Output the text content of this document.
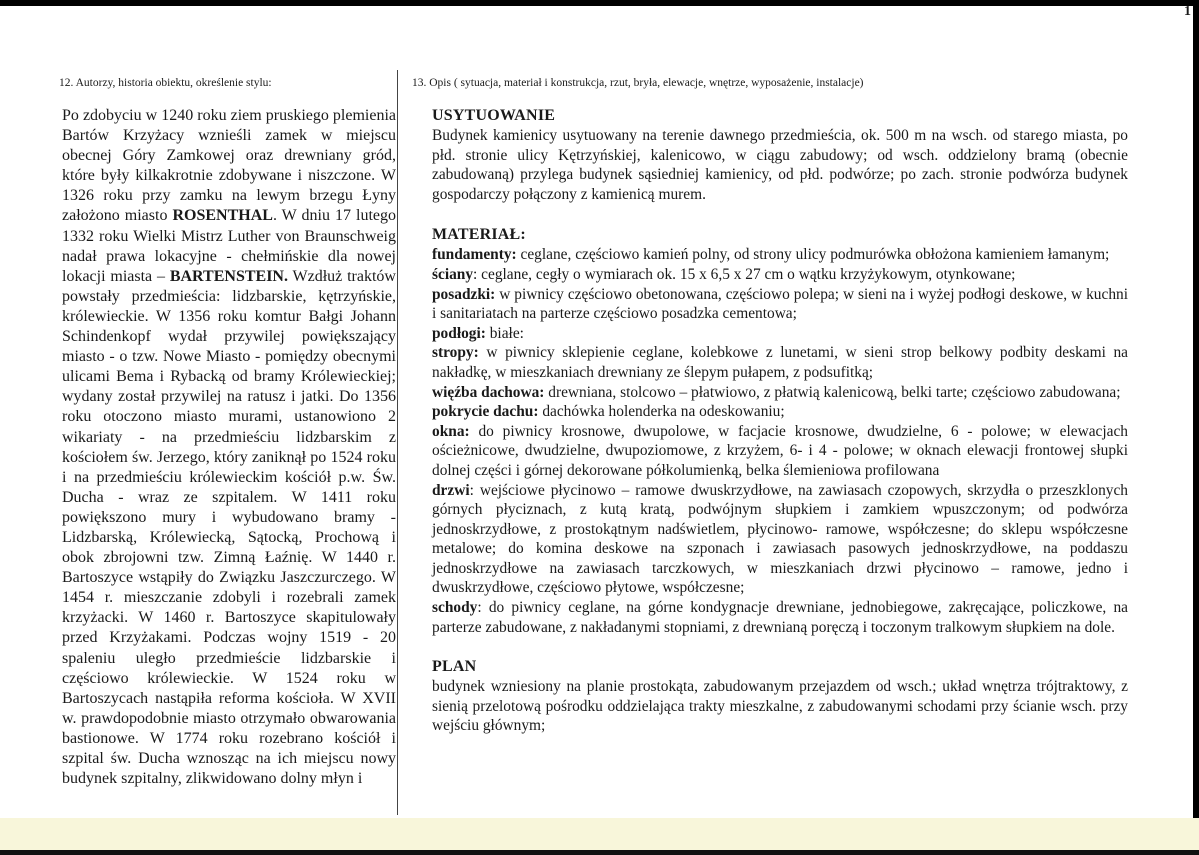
1
12. Autorzy, historia obiektu, określenie stylu:

Po zdobyciu w 1240 roku ziem pruskiego plemienia Bartów Krzyżacy wznieśli zamek w miejscu obecnej Góry Zamkowej oraz drewniany gród, które były kilkakrotnie zdobywane i niszczone. W 1326 roku przy zamku na lewym brzegu Łyny założono miasto ROSENTHAL. W dniu 17 lutego 1332 roku Wielki Mistrz Luther von Braunschweig nadał prawa lokacyjne - chełmińskie dla nowej lokacji miasta – BARTENSTEIN. Wzdłuż traktów powstały przedmieścia: lidzbarskie, kętrzyńskie, królewieckie. W 1356 roku komtur Bałgi Johann Schindenkopf wydał przywilej powiększający miasto - o tzw. Nowe Miasto - pomiędzy obecnymi ulicami Bema i Rybacką od bramy Królewieckiej; wydany został przywilej na ratusz i jatki. Do 1356 roku otoczono miasto murami, ustanowiono 2 wikariaty - na przedmieściu lidzbarskim z kościołem św. Jerzego, który zaniknął po 1524 roku i na przedmieściu królewieckim kościół p.w. Św. Ducha - wraz ze szpitalem. W 1411 roku powiększono mury i wybudowano bramy - Lidzbarską, Królewiecką, Sątocką, Prochową i obok zbrojowni tzw. Zimną Łaźnię. W 1440 r. Bartoszyce wstąpiły do Związku Jaszczurczego. W 1454 r. mieszczanie zdobyli i rozebrali zamek krzyżacki. W 1460 r. Bartoszyce skapitulowały przed Krzyżakami. Podczas wojny 1519 - 20 spaleniu uległo przedmieście lidzbarskie i częściowo królewieckie. W 1524 roku w Bartoszycach nastąpiła reforma kościoła. W XVII w. prawdopodobnie miasto otrzymało obwarowania bastionowe. W 1774 roku rozebrano kościół i szpital św. Ducha wznosząc na ich miejscu nowy budynek szpitalny, zlikwidowano dolny młyn i

13. Opis ( sytuacja, materiał i konstrukcja, rzut, bryła, elewacje, wnętrze, wyposażenie, instalacje)

USYTUOWANIE

Budynek kamienicy usytuowany na terenie dawnego przedmieścia, ok. 500 m na wsch. od starego miasta, po płd. stronie ulicy Kętrzyńskiej, kalenicowo, w ciągu zabudowy; od wsch. oddzielony bramą (obecnie zabudowaną) przylega budynek sąsiedniej kamienicy, od płd. podwórze; po zach. stronie podwórza budynek gospodarczy połączony z kamienicą murem.

MATERIAŁ:

fundamenty: ceglane, częściowo kamień polny, od strony ulicy podmurówka obłożona kamieniem łamanym;

ściany: ceglane, cegły o wymiarach ok. 15 x 6,5 x 27 cm o wątku krzyżykowym, otynkowane;

posadzki: w piwnicy częściowo obetonowana, częściowo polepa; w sieni na i wyżej podłogi deskowe, w kuchni i sanitariatach na parterze częściowo posadzka cementowa;

podłogi: białe:

stropy: w piwnicy sklepienie ceglane, kolebkowe z lunetami, w sieni strop belkowy podbity deskami na nakładkę, w mieszkaniach drewniany ze ślepym pułapem, z podsufitką;

więźba dachowa: drewniana, stolcowo – płatwiowo, z płatwią kalenicową, belki tarte; częściowo zabudowana;

pokrycie dachu: dachówka holenderka na odeskowaniu;

okna: do piwnicy krosnowe, dwupolowe, w facjacie krosnowe, dwudzielne, 6 - polowe; w elewacjach ościeżnicowe, dwudzielne, dwupoziomowe, z krzyżem, 6- i 4 - polowe; w oknach elewacji frontowej słupki dolnej części i górnej dekorowane półkolumienką, belka ślemieniowa profilowana

drzwi: wejściowe płycinowo – ramowe dwuskrzydłowe, na zawiasach czopowych, skrzydła o przeszklonych górnych płyciznach, z kutą kratą, podwójnym słupkiem i zamkiem wpuszczonym; od podwórza jednoskrzydłowe, z prostokątnym nadświetlem, płycinowo- ramowe, współczesne; do sklepu współczesne metalowe; do komina deskowe na szponach i zawiasach pasowych jednoskrzydłowe, na poddaszu jednoskrzydłowe na zawiasach tarczkowych, w mieszkaniach drzwi płycinowo – ramowe, jedno i dwuskrzydłowe, częściowo płytowe, współczesne;

schody: do piwnicy ceglane, na górne kondygnacje drewniane, jednobiegowe, zakręcające, policzkowe, na parterze zabudowane, z nakładanymi stopniami, z drewnianą poręczą i toczonym tralkowym słupkiem na dole.

PLAN

budynek wzniesiony na planie prostokąta, zabudowanym przejazdem od wsch.; układ wnętrza trójtraktowy, z sienią przelotową pośrodku oddzielająca trakty mieszkalne, z zabudowanymi schodami przy ścianie wsch. przy wejściu głównym;
